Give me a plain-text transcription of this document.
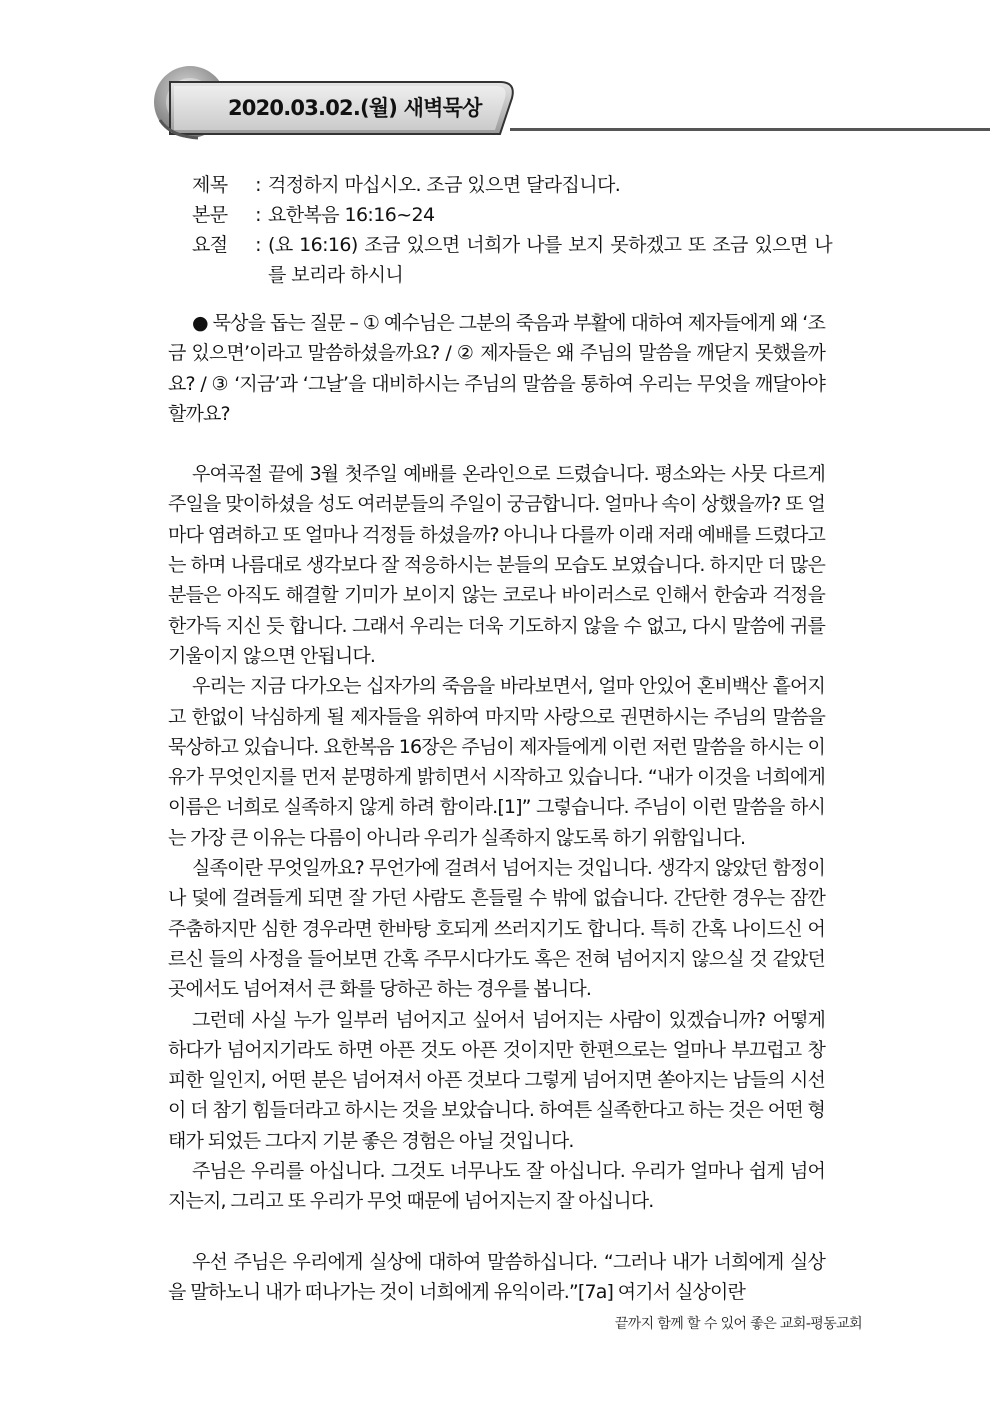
2020.03.02.(월) 새벽묵상
제목	: 걱정하지 마십시오. 조금 있으면 달라집니다.
본문	: 요한복음 16:16~24
요절	: (요 16:16) 조금 있으면 너희가 나를 보지 못하겠고 또 조금 있으면 나를 보리라 하시니

● 묵상을 돕는 질문 – ① 예수님은 그분의 죽음과 부활에 대하여 제자들에게 왜 ‘조금 있으면’이라고 말씀하셨을까요? / ② 제자들은 왜 주님의 말씀을 깨닫지 못했을까요? / ③ ‘지금’과 ‘그날’을 대비하시는 주님의 말씀을 통하여 우리는 무엇을 깨달아야 할까요?

우여곡절 끝에 3월 첫주일 예배를 온라인으로 드렸습니다. 평소와는 사뭇 다르게 주일을 맞이하셨을 성도 여러분들의 주일이 궁금합니다. 얼마나 속이 상했을까? 또 얼마다 염려하고 또 얼마나 걱정들 하셨을까? 아니나 다를까 이래 저래 예배를 드렸다고는 하며 나름대로 생각보다 잘 적응하시는 분들의 모습도 보였습니다. 하지만 더 많은 분들은 아직도 해결할 기미가 보이지 않는 코로나 바이러스로 인해서 한숨과 걱정을 한가득 지신 듯 합니다. 그래서 우리는 더욱 기도하지 않을 수 없고, 다시 말씀에 귀를 기울이지 않으면 안됩니다.

우리는 지금 다가오는 십자가의 죽음을 바라보면서, 얼마 안있어 혼비백산 흩어지고 한없이 낙심하게 될 제자들을 위하여 마지막 사랑으로 권면하시는 주님의 말씀을 묵상하고 있습니다. 요한복음 16장은 주님이 제자들에게 이런 저런 말씀을 하시는 이유가 무엇인지를 먼저 분명하게 밝히면서 시작하고 있습니다. “내가 이것을 너희에게 이름은 너희로 실족하지 않게 하려 함이라.[1]” 그렇습니다. 주님이 이런 말씀을 하시는 가장 큰 이유는 다름이 아니라 우리가 실족하지 않도록 하기 위함입니다.

실족이란 무엇일까요? 무언가에 걸려서 넘어지는 것입니다. 생각지 않았던 함정이나 덫에 걸려들게 되면 잘 가던 사람도 흔들릴 수 밖에 없습니다. 간단한 경우는 잠깐 주춤하지만 심한 경우라면 한바탕 호되게 쓰러지기도 합니다. 특히 간혹 나이드신 어르신 들의 사정을 들어보면 간혹 주무시다가도 혹은 전혀 넘어지지 않으실 것 같았던 곳에서도 넘어져서 큰 화를 당하곤 하는 경우를 봅니다.

그런데 사실 누가 일부러 넘어지고 싶어서 넘어지는 사람이 있겠습니까? 어떻게 하다가 넘어지기라도 하면 아픈 것도 아픈 것이지만 한편으로는 얼마나 부끄럽고 창피한 일인지, 어떤 분은 넘어져서 아픈 것보다 그렇게 넘어지면 쏟아지는 남들의 시선이 더 참기 힘들더라고 하시는 것을 보았습니다. 하여튼 실족한다고 하는 것은 어떤 형태가 되었든 그다지 기분 좋은 경험은 아닐 것입니다.

주님은 우리를 아십니다. 그것도 너무나도 잘 아십니다. 우리가 얼마나 쉽게 넘어지는지, 그리고 또 우리가 무엇 때문에 넘어지는지 잘 아십니다.

우선 주님은 우리에게 실상에 대하여 말씀하십니다. “그러나 내가 너희에게 실상을 말하노니 내가 떠나가는 것이 너희에게 유익이라.”[7a] 여기서 실상이란

끝까지 함께 할 수 있어 좋은 교회-평동교회
